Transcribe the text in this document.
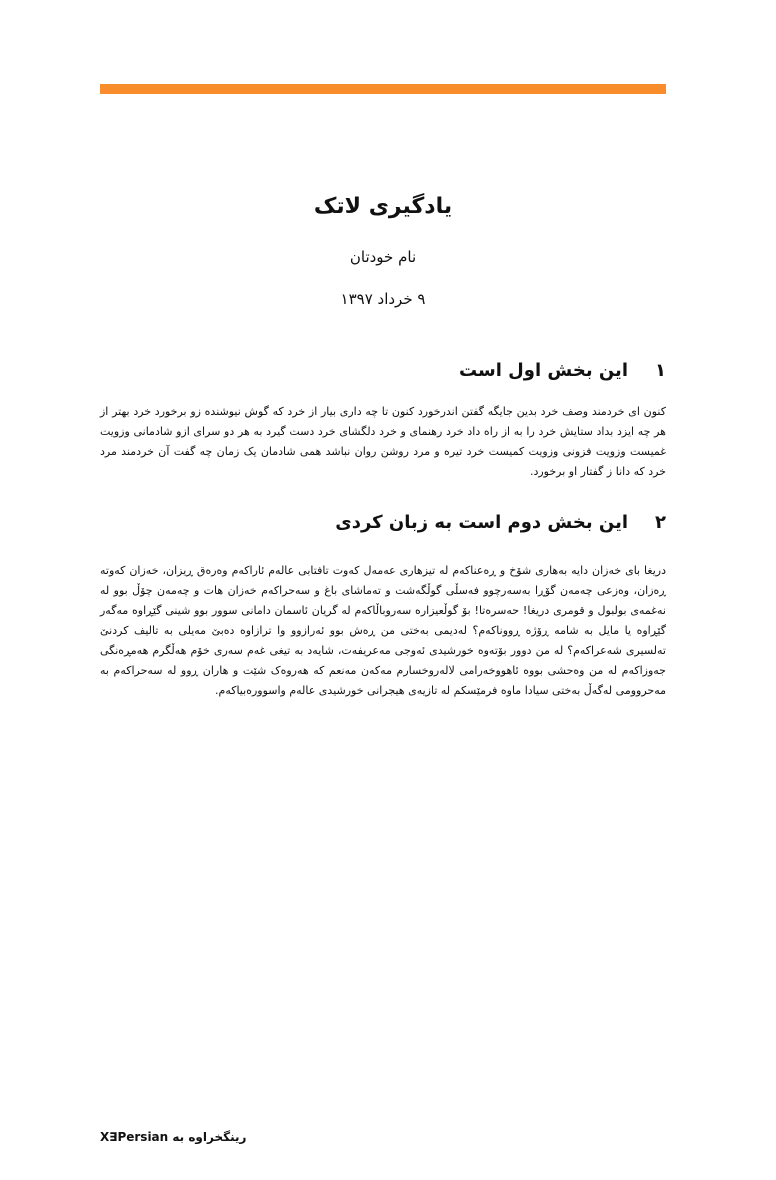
یادگیری لاتک
نام خودتان
۹ خرداد ۱۳۹۷
۱این بخش اول است

کنون ای خردمند وصف خرد بدین جایگه گفتن اندرخورد کنون تا چه داری بیار از خرد که گوش نیوشنده زو برخورد خرد بهتر از هر چه ایزد بداد ستایش خرد را به از راه داد خرد رهنمای و خرد دلگشای خرد دست گیرد به هر دو سرای ازو شادمانی وزویت غمیست وزویت فزونی وزویت کمیست خرد تیره و مرد روشن روان نباشد همی شادمان یک زمان چه گفت آن خردمند مرد خرد که دانا ز گفتار او برخورد.

۲این بخش دوم است به زبان کردی

دریغا بای خەزان دایە بەهاری شۆخ و ڕەعناکەم لە تیزهاری عەمەل کەوت تافتابی عالەم ئاراکەم وەرەق ڕیزان، خەزان کەوتە ڕەزان، وەزعی چەمەن گۆڕا بەسەرچوو فەسڵی گوڵگەشت و تەماشای باغ و سەحراکەم خەزان هات و چەمەن چۆڵ بوو لە نەغمەی بولبول و قومری دریغا! حەسرەتا! بۆ گوڵعیزارە سەروباڵاکەم لە گریان ئاسمان دامانی سوور بوو شینی گێڕاوە مەگەر گێڕاوە یا مایل بە شامە ڕۆژە ڕووناکەم؟ لەدیمی بەختی من ڕەش بوو ئەرازوو وا ترازاوە دەبێ مەیلی بە تالیف کردنێ تەلسیری شەعراکەم؟ لە من دوور بۆتەوە خورشیدی ئەوجی مەعریفەت، شایەد بە تیغی غەم سەری خۆم هەڵگرم هەمڕەنگی جەوزاکەم لە من وەحشی بووە ئاهووخەرامی لالەروخسارم مەکەن مەنعم کە هەروەک شێت و هاران ڕوو لە سەحراکەم بە مەحروومی لەگەڵ بەختی سیادا ماوە فرمێسکم لە تازیەی هیجرانی خورشیدی عالەم واسوورەبیاکەم.

رینگخراوه به X∃Persian
